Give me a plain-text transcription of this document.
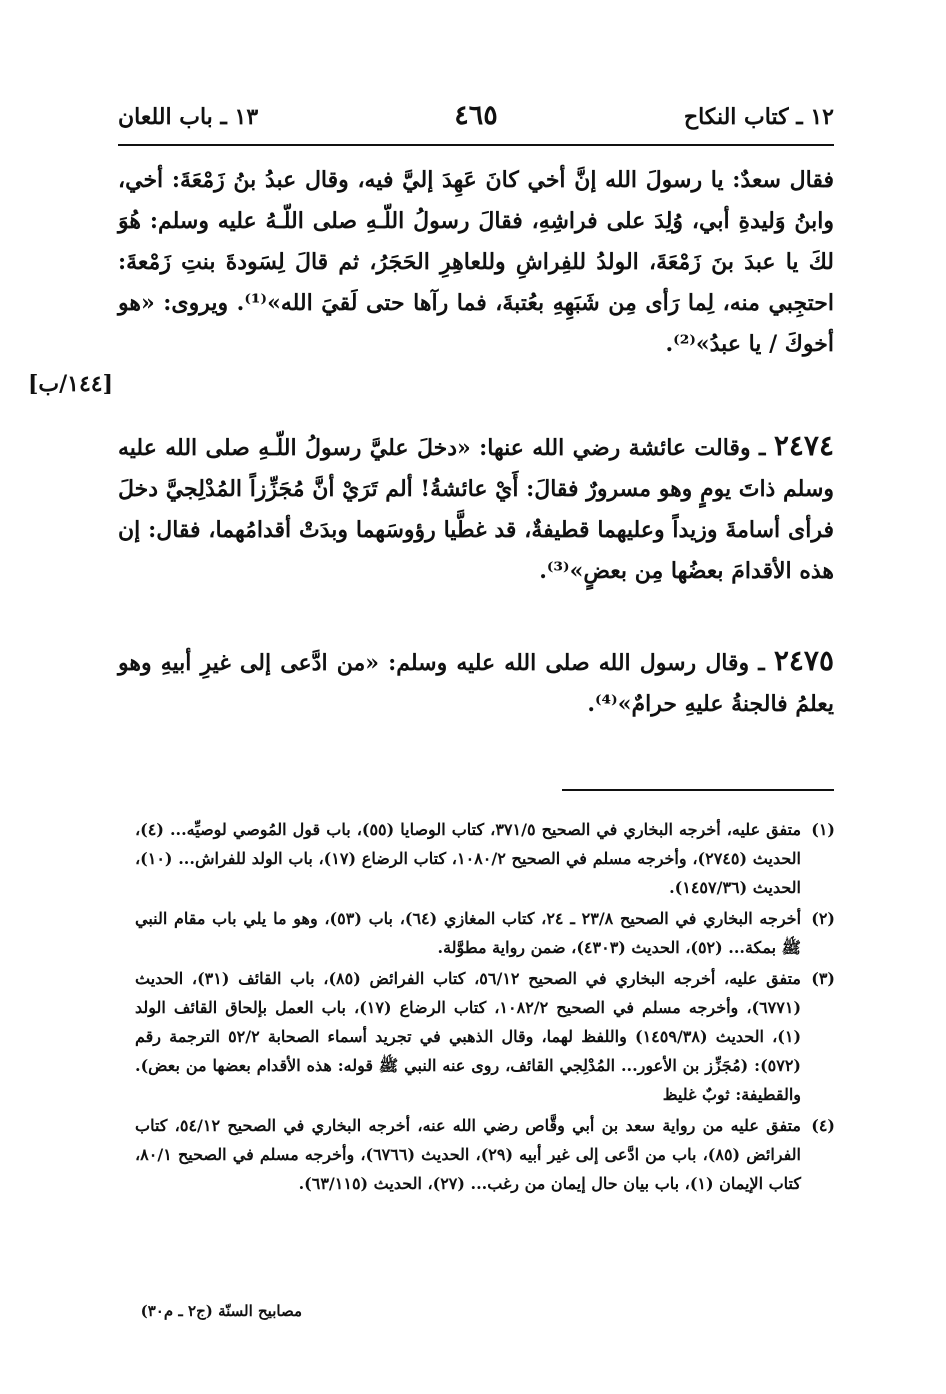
١٢ ـ كتاب النكاح
٤٦٥
١٣ ـ باب اللعان
فقال سعدٌ: يا رسولَ الله إنَّ أخي كانَ عَهِدَ إليَّ فيه، وقال عبدُ بنُ زَمْعَةَ: أخي، وابنُ وَليدةِ أبي، وُلِدَ على فراشِهِ، فقالَ رسولُ اللّـهِ صلى اللّـهُ عليه وسلم: هُوَ لكَ يا عبدَ بنَ زَمْعَةَ، الولدُ للفِراشِ وللعاهِرِ الحَجَرُ، ثم قالَ لِسَودةَ بنتِ زَمْعةَ: احتجِبي منه، لِما رَأى مِن شَبَهِهِ بعُتبةَ، فما رآها حتى لَقيَ الله»⁽¹⁾. ويروى: «هو أخوكَ / يا عبدُ»⁽²⁾.
[١٤٤/ب]
٢٤٧٤ ـ وقالت عائشة رضي الله عنها: «دخلَ عليَّ رسولُ اللّـهِ صلى الله عليه وسلم ذاتَ يومٍ وهو مسرورٌ فقالَ: أَيْ عائشةُ! ألم تَرَيْ أنَّ مُجَزِّزاً المُدْلِجيَّ دخلَ فرأى أسامةَ وزيداً وعليهما قطيفةٌ، قد غطَّيا رؤوسَهما وبدَتْ أقدامُهما، فقال: إن هذه الأقدامَ بعضُها مِن بعضٍ»⁽³⁾.
٢٤٧٥ ـ وقال رسول الله صلى الله عليه وسلم: «من ادَّعى إلى غيرِ أبيهِ وهو يعلمُ فالجنةُ عليهِ حرامٌ»⁽⁴⁾.
(١)
متفق عليه، أخرجه البخاري في الصحيح ٣٧١/٥، كتاب الوصايا (٥٥)، باب قول المُوصي لوصيِّه... (٤)، الحديث (٢٧٤٥)، وأخرجه مسلم في الصحيح ١٠٨٠/٢، كتاب الرضاع (١٧)، باب الولد للفراش... (١٠)، الحديث (١٤٥٧/٣٦).
(٢)
أخرجه البخاري في الصحيح ٢٣/٨ ـ ٢٤، كتاب المغازي (٦٤)، باب (٥٣)، وهو ما يلي باب مقام النبي ﷺ بمكة... (٥٢)، الحديث (٤٣٠٣)، ضمن رواية مطوَّلة.
(٣)
متفق عليه، أخرجه البخاري في الصحيح ٥٦/١٢، كتاب الفرائض (٨٥)، باب القائف (٣١)، الحديث (٦٧٧١)، وأخرجه مسلم في الصحيح ١٠٨٢/٢، كتاب الرضاع (١٧)، باب العمل بإلحاق القائف الولد (١)، الحديث (١٤٥٩/٣٨) واللفظ لهما، وقال الذهبي في تجريد أسماء الصحابة ٥٢/٢ الترجمة رقم (٥٧٢): (مُجَزِّز بن الأعور... المُدْلِجي القائف، روى عنه النبي ﷺ قوله: هذه الأقدام بعضها من بعض). والقطيفة: ثوبٌ غليظ
(٤)
متفق عليه من رواية سعد بن أبي وقَّاص رضي الله عنه، أخرجه البخاري في الصحيح ٥٤/١٢، كتاب الفرائض (٨٥)، باب من ادَّعى إلى غير أبيه (٢٩)، الحديث (٦٧٦٦)، وأخرجه مسلم في الصحيح ٨٠/١، كتاب الإيمان (١)، باب بيان حال إيمان من رغب... (٢٧)، الحديث (٦٣/١١٥).
مصابيح السنّة (ج٢ ـ م٣٠)
